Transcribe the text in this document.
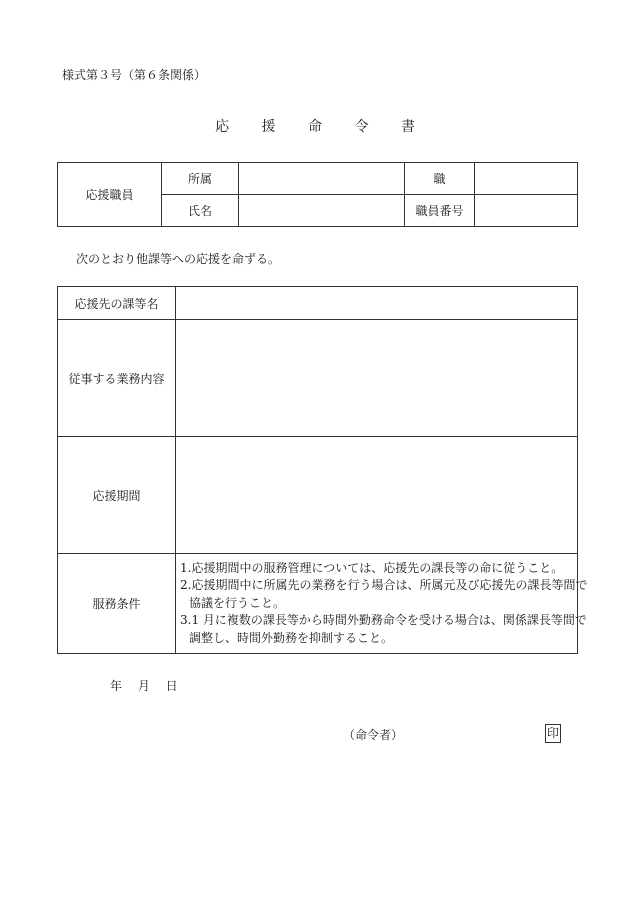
様式第３号（第６条関係）
応 援 命 令 書
応援職員	所属		職	
	氏名		職員番号	
次のとおり他課等への応援を命ずる。
応援先の課等名	
従事する業務内容	
応援期間	
服務条件	1.応援期間中の服務管理については、応援先の課長等の命に従うこと。
2.応援期間中に所属先の業務を行う場合は、所属元及び応援先の課長等間で
協議を行うこと。
3.1 月に複数の課長等から時間外勤務命令を受ける場合は、関係課長等間で
調整し、時間外勤務を抑制すること。
年 月 日
（命令者）	印
